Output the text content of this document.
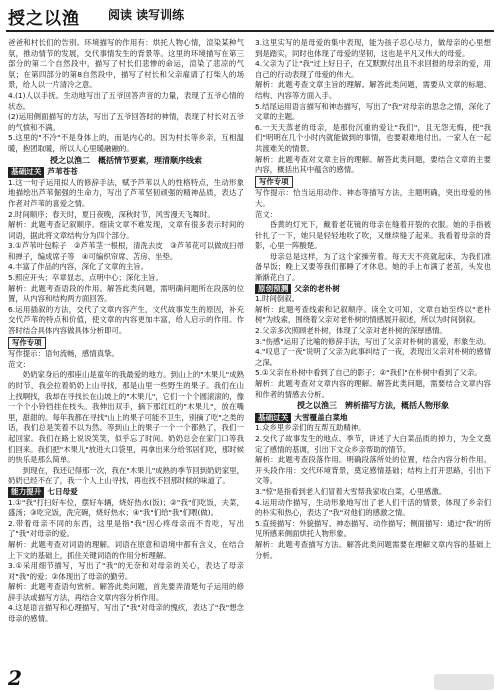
授之以渔 阅读 读写训练

爸爸和村长们的告别。环境描写的作用有：烘托人物心情，渲染某种气氛，推动情节的发展，交代事情发生的背景等。这里的环境描写在第三部分的第二个自然段中，描写了村长们悲惨的命运，渲染了悲凉的气氛；在第四部分的第8自然段中，描写了村长和父亲雇请了打柴人的场景，给人以一片清冷之意。

4.(1)人以手抚。生动地写出了五爷回答声音的力量，表现了五爷心情的状态。

(2)运用侧面描写的方法，写出了五爷回答时的神情，表现了村长对五爷的气愤和不满。

5.这里的"不冷"不是身体上的，而是内心的。因为村长等乡亲，互相温暖，抱团取暖，所以人心里暖融融的。

授之以渔二　概括情节要素，理清顺序线索
基础过关 芦苇苍苍

1.这一句子运用拟人的修辞手法，赋予芦苇以人的性格特点，生动形象地描绘出芦苇倔强的生命力，写出了芦苇坚韧顽强的精神品质，表达了作者对芦苇的喜爱之情。

2.时间顺序；春天时，夏日夜晚，深秋时节，风雪漫天飞舞时。

解析：此题考查记叙顺序。细读文章不难发现，文章有很多表示时间的词语，据此将文章结构分为四个部分。

3.①芦苇叶包粽子　②芦苇茎一根根，清洗去皮　③芦苇花可以做成扫帚和掸子，编成席子等　④可编织帘席、苫房、坐垫。

4.丰富了作品的内容，深化了文章的主旨。

5.照应开头；卒章显志，点明中心；深化主旨。

解析：此题考查语段的作用。解答此类问题，需明确问题所在段落的位置，从内容和结构两方面回答。

6.运用插叙的方法，交代了文章内容产生，文代故事发生的原因，补充交代芦苇的特点和价值，使文章的内容更加丰富，给人启示的作用。作答时结合具体内容做具体分析即可。

写作专项

写作提示：语句流畅，感情真挚。

范文：

奶奶家身后的那座山是童年的我最爱的地方。到山上的"木果儿"成熟的时节，我会拉着奶奶上山寻找，那是山里一些野生的果子。我们在山上找啊找，我却在寻找长在山坡上的"木果儿"，它们一个个圆滚滚的，像一个个小铃铛挂在枝头。我伸出双手，摘下那红红的"木果儿"，放在嘴里，甜甜的。每年我都在寻找"山上的果子可能不卫生，别摘了吃"之类的话，我们总是笑着不以为然。等到山上的果子一个一个都熟了，我们一起回家。我们在路上说说笑笑，似乎忘了时间。奶奶总会在家门口等我们回来。我们把"木果儿"放进大口袋里，再拿出来分给邻居们吃，那时候的快乐是那么简单。

到现在，我还记得那一次，我在"木果儿"成熟的季节回到奶奶家里，奶奶已经不在了，我一个人上山寻找，再也找不回那时候的味道了。

能力提升 七日母爱

1.①"我"打扫好车位，摆好车辆，烧好热水(饭)；②"我"们吃饭，夫菜，盛汤；③吃完饭，洗完碗，烧好热水；④"我"们给"我"们喂(做)。

2.带着母亲不同的东西，这里是指"我"因心疼母亲而不肯吃，写出了"我"对母亲的爱。

解析：此题考查对词语的理解。词语在原意和语境中都有含义，在结合上下文的基础上，抓住关键词语的作用分析理解。

3.①采用细节描写，写出了"我"的无奈和对母亲的关心，表达了母亲对"我"的爱；②体现出了母亲的勤劳。

解析：此题考查语句赏析。解答此类问题，首先要弄清楚句子运用的修辞手法或描写方法，再结合文章内容分析作用。

4.这是语言描写和心理描写，写出了"我"对母亲的愧疚，表达了"我"想念母亲的感情。

3.这里实写的是母爱的集中表现，能为孩子忍心尽力，做母亲的心里想到是踏实，同时也体现了母爱的坚韧，这也是平凡又伟大的母爱。

4.父亲为了让"我"过上好日子，在艾默默付出且不求回报的母亲的爱，用自己的行动表现了母爱的伟大。

解析：此题考查文章主旨的理解。解答此类问题，需要从文章的标题、结构、内容等方面入手。

5.结尾运用语言描写和神态描写，写出了"我"对母亲的思念之情，深化了文章的主题。

6.一天天蒸老的母亲，是那份沉重的爱让"我们"，且无怨无悔，使"我们"明明在几个小时内就能做到的事情，也要艰难地付出。一家人在一起共渡难关的情景。

解析：此题考查对文章主旨的理解。解答此类问题，要结合文章的主要内容，概括出其中蕴含的感情。

写作专项

写作提示：恰当运用动作、神态等描写方法，主题明确，突出母爱的伟大。

范文：

昏黄的灯光下，戴着老花镜的母亲在缝着开裂的衣服。她的手指被针扎了一下，她只是轻轻地吹了吹，又继续缝了起来。我看着母亲的背影，心里一阵酸楚。

母亲总是这样，为了这个家操劳着。每天天不亮就起床，为我们准备早饭；晚上又要等我们都睡了才休息。她的手上布满了老茧，头发也渐渐花白了。

原创预测 父亲的老朴树

1.时间倒叙。

解析：此题考查线索和记叙顺序。读全文可知，文章自始至终以"老朴树"为线索，围绕着父亲对老朴树的情感展开叙述，所以为时间倒叙。

2.父亲多次照顾老朴树，体现了父亲对老朴树的深厚感情。

3."伤感"运用了比喻的修辞手法，写出了父亲对朴树的喜爱，形象生动。

4."叹息了一夜"说明了父亲为此事纠结了一夜，表现出父亲对朴树的感情之深。

5.①父亲在朴树中看到了自己的影子；②"我们"在朴树中看到了父亲。

解析：此题考查对文章内容的理解。解答此类问题，需要结合文章内容和作者的情感去分析。

授之以渔三　辨析描写方法，概括人物形象
基础过关 大雪覆盖白菜地

1.众乡里乡亲们的互帮互助精神。

2.交代了故事发生的地点、季节，讲述了大白菜品质的掉力，为全文奠定了感情的基调，引出下文众乡亲帮助的情节。

解析：此题考查段落作用。明确段落所处的位置，结合内容分析作用。开头段作用：交代环境背景，奠定感情基础；结构上打开思路，引出下文等。

3."惊"是指看到老人们冒着大雪帮我家收白菜，心里感激。

4.运用动作描写，生动形象地写出了老人们干活的情景，体现了乡亲们的朴实和热心，表达了"我"对他们的感激之情。

5.直接描写：外貌描写、神态描写、动作描写；侧面描写：通过"我"的所见所感来侧面烘托人物形象。

解析：此题考查描写方法。解答此类问题需要在理解文章内容的基础上分析。

2
